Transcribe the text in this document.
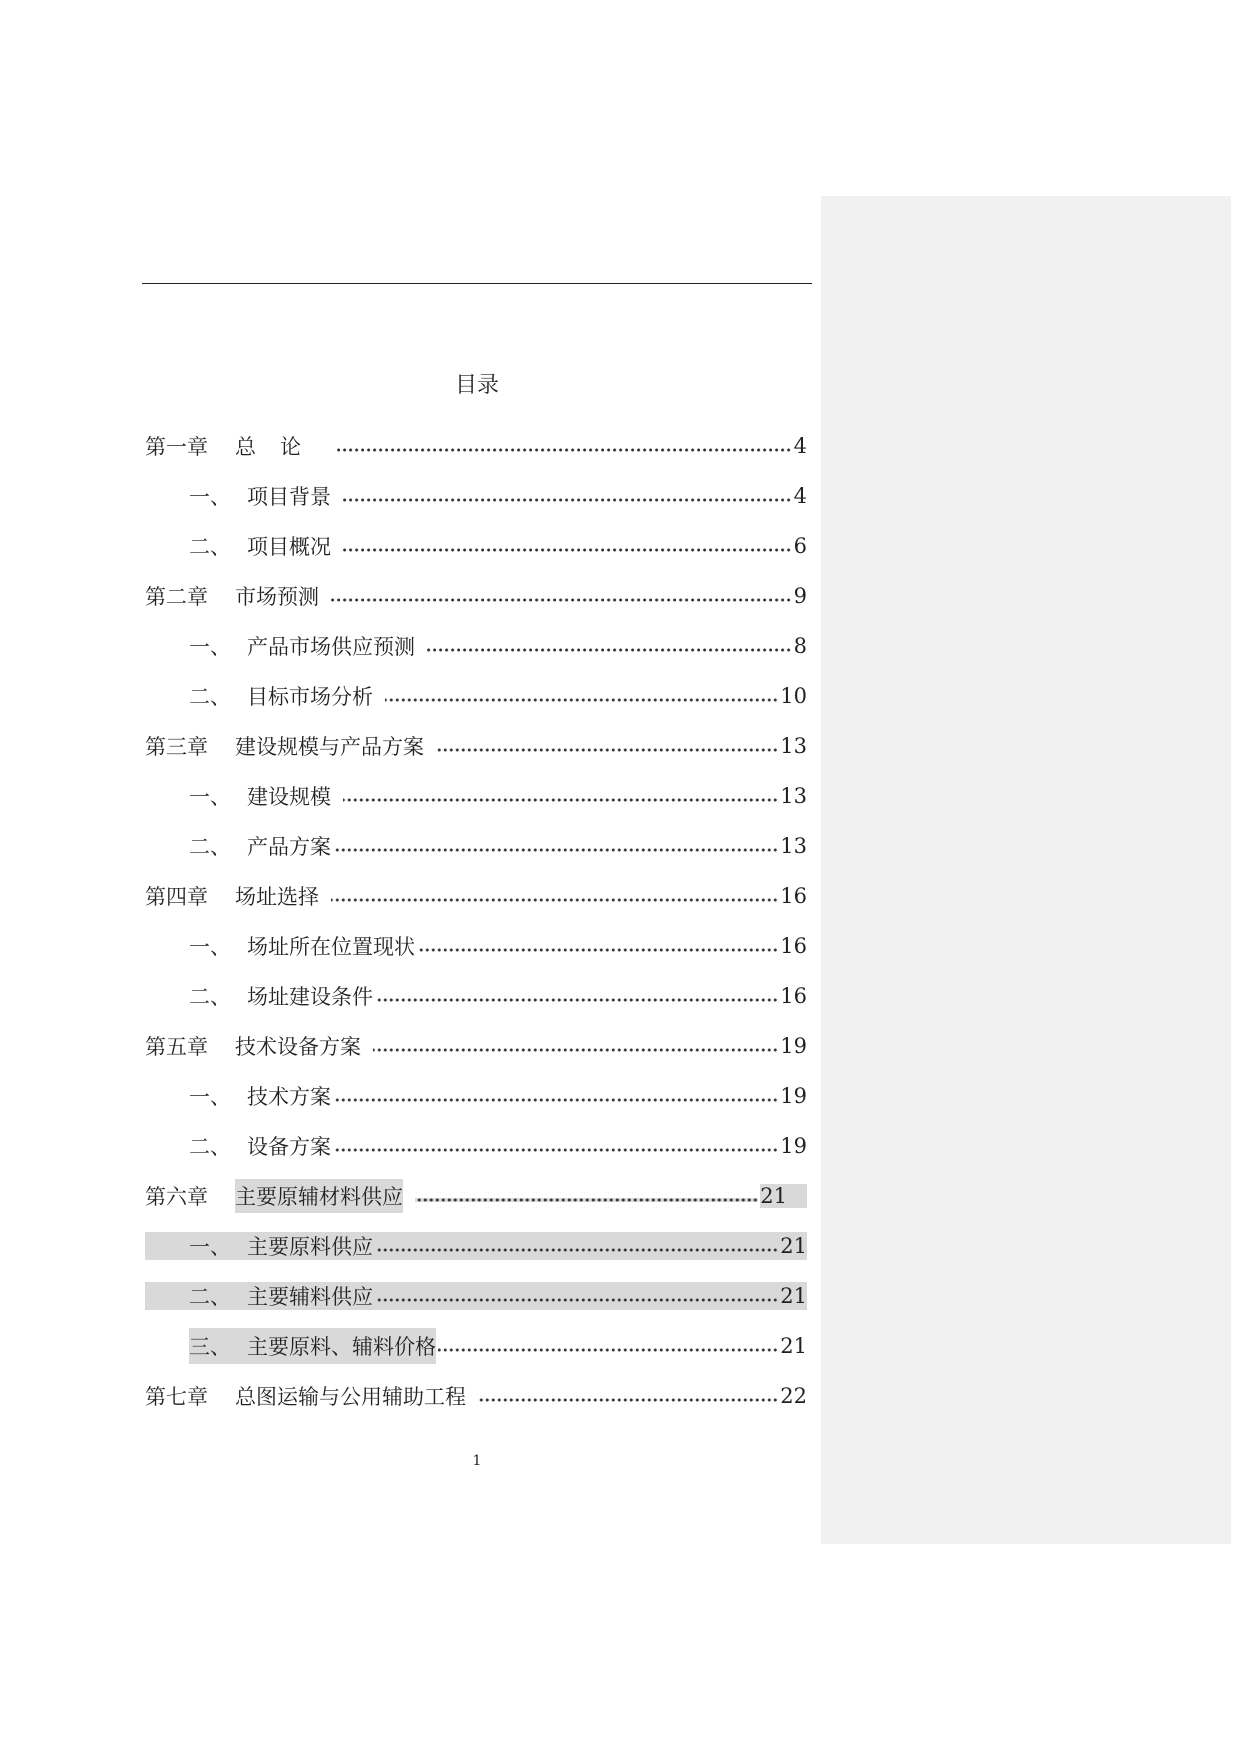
目录
第一章	总论	4
一、 项目背景	4
二、 项目概况	6
第二章	市场预测	9
一、 产品市场供应预测	8
二、 目标市场分析	10
第三章	建设规模与产品方案	13
一、 建设规模	13
二、 产品方案	13
第四章	场址选择	16
一、 场址所在位置现状	16
二、 场址建设条件	16
第五章	技术设备方案	19
一、 技术方案	19
二、 设备方案	19
第六章	主要原辅材料供应	21
一、 主要原料供应	21
二、 主要辅料供应	21
三、 主要原料、辅料价格	21
第七章	总图运输与公用辅助工程	22
1
